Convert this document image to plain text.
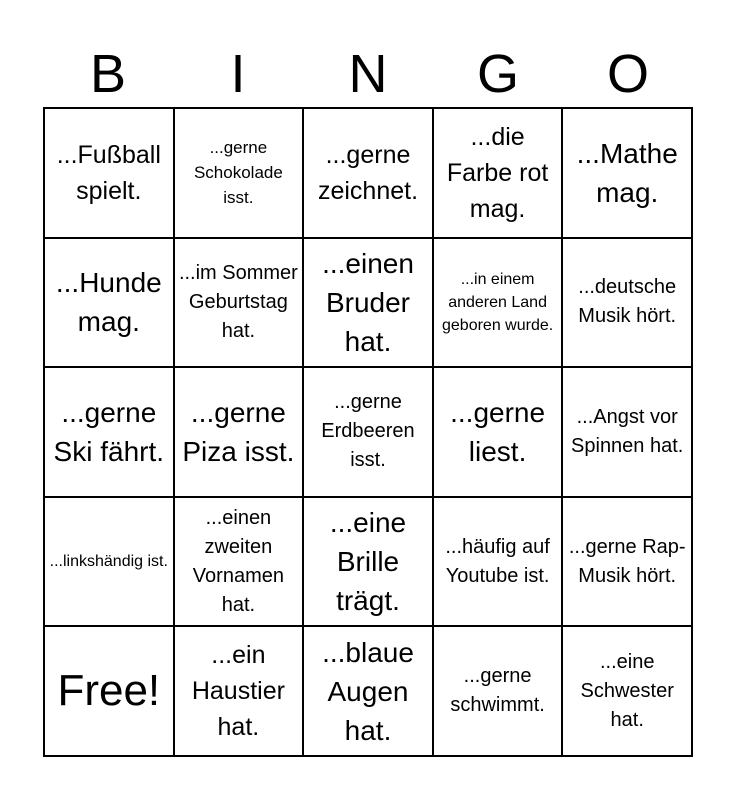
B	I	N	G	O
...Fußball spielt.
...gerne Schokolade isst.
...gerne zeichnet.
...die Farbe rot mag.
...Mathe mag.
...Hunde mag.
...im Sommer Geburtstag hat.
...einen Bruder hat.
...in einem anderen Land geboren wurde.
...deutsche Musik hört.
...gerne Ski fährt.
...gerne Piza isst.
...gerne Erdbeeren isst.
...gerne liest.
...Angst vor Spinnen hat.
...linkshändig ist.
...einen zweiten Vornamen hat.
...eine Brille trägt.
...häufig auf Youtube ist.
...gerne Rap-Musik hört.
Free!
...ein Haustier hat.
...blaue Augen hat.
...gerne schwimmt.
...eine Schwester hat.
